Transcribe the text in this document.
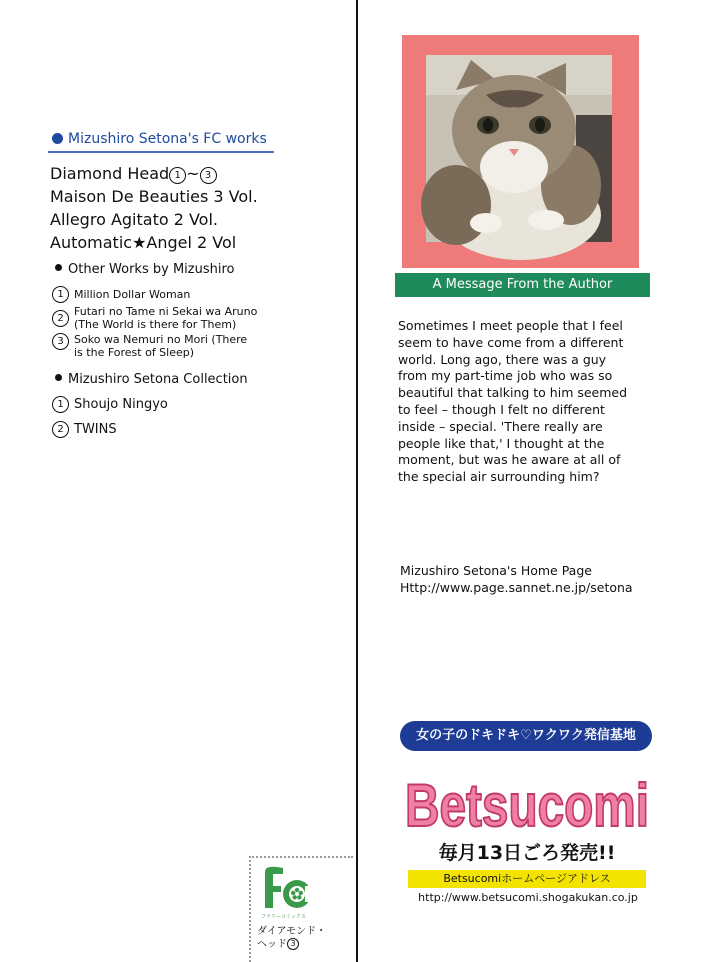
Mizushiro Setona's FC works
Diamond Head 1 ~ 3
Maison De Beauties 3 Vol.
Allegro Agitato 2 Vol.
Automatic★Angel 2 Vol
Other Works by Mizushiro
1 Million Dollar Woman
2
Futari no Tame ni Sekai wa Aruno
(The World is there for Them)
3 Soko wa Nemuri no Mori (There
is the Forest of Sleep)
Mizushiro Setona Collection
1 Shoujo Ningyo
2 TWINS
フラワーコミックス
ダイアモンド・
ヘッド 3
A Message From the Author
Sometimes I meet people that I feel
seem to have come from a different
world. Long ago, there was a guy
from my part-time job who was so
beautiful that talking to him seemed
to feel – though I felt no different
inside – special. 'There really are
people like that,' I thought at the
moment, but was he aware at all of
the special air surrounding him?
Mizushiro Setona's Home Page
Http://www.page.sannet.ne.jp/setona
女の子のドキドキ♡ワクワク発信基地
Betsucomi
毎月13日ごろ発売!!
Betsucomiホームページアドレス
http://www.betsucomi.shogakukan.co.jp
